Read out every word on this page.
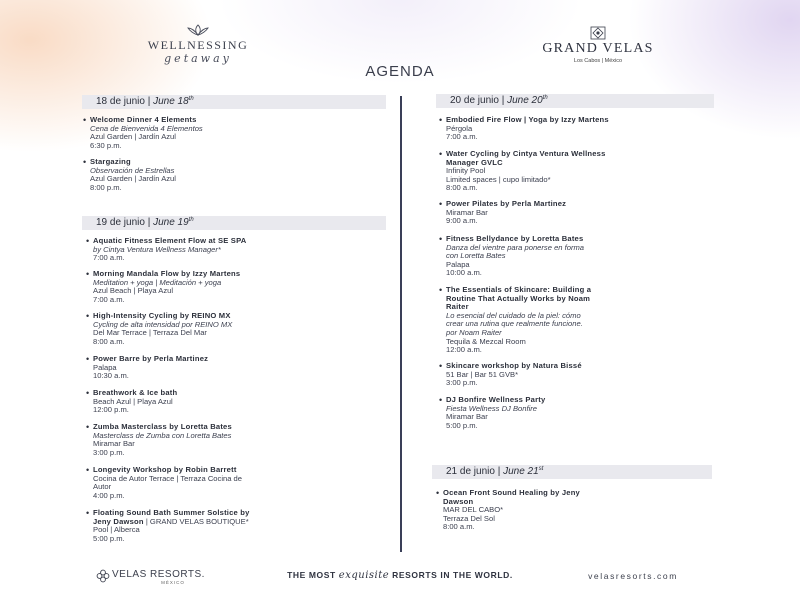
WELLNESSING
getaway
GRAND VELAS
Los Cabos | México
AGENDA
18 de junio | June 18th
19 de junio | June 19th
20 de junio | June 20th
21 de junio | June 21st
• Welcome Dinner 4 Elements
Cena de Bienvenida 4 Elementos
Azul Garden | Jardín Azul
6:30 p.m.
• Stargazing
Observación de Estrellas
Azul Garden | Jardín Azul
8:00 p.m.
• Aquatic Fitness Element Flow at SE SPA
by Cintya Ventura Wellness Manager*
7:00 a.m.
• Morning Mandala Flow by Izzy Martens
Meditation + yoga | Meditación + yoga
Azul Beach | Playa Azul
7:00 a.m.
• High-Intensity Cycling by REINO MX
Cycling de alta intensidad por REINO MX
Del Mar Terrace | Terraza Del Mar
8:00 a.m.
• Power Barre by Perla Martinez
Palapa
10:30 a.m.
• Breathwork & Ice bath
Beach Azul | Playa Azul
12:00 p.m.
• Zumba Masterclass by Loretta Bates
Masterclass de Zumba con Loretta Bates
Miramar Bar
3:00 p.m.
• Longevity Workshop by Robin Barrett
Cocina de Autor Terrace | Terraza Cocina de
Autor
4:00 p.m.
• Floating Sound Bath Summer Solstice by
Jeny Dawson | GRAND VELAS BOUTIQUE*
Pool | Alberca
5:00 p.m.
• Embodied Fire Flow | Yoga by Izzy Martens
Pérgola
7:00 a.m.
• Water Cycling by Cintya Ventura Wellness
Manager GVLC
Infinity Pool
Limited spaces | cupo limitado*
8:00 a.m.
• Power Pilates by Perla Martinez
Miramar Bar
9:00 a.m.
• Fitness Bellydance by Loretta Bates
Danza del vientre para ponerse en forma
con Loretta Bates
Palapa
10:00 a.m.
• The Essentials of Skincare: Building a
Routine That Actually Works by Noam
Raiter
Lo esencial del cuidado de la piel: cómo
crear una rutina que realmente funcione.
por Noam Raiter
Tequila & Mezcal Room
12:00 a.m.
• Skincare workshop by Natura Bissé
51 Bar | Bar 51 GVB*
3:00 p.m.
• DJ Bonfire Wellness Party
Fiesta Wellness DJ Bonfire
Miramar Bar
5:00 p.m.
• Ocean Front Sound Healing by Jeny
Dawson
MAR DEL CABO*
Terraza Del Sol
8:00 a.m.
VELAS RESORTS.
MÉXICO
THE MOST exquisite RESORTS IN THE WORLD.	velasresorts.com
